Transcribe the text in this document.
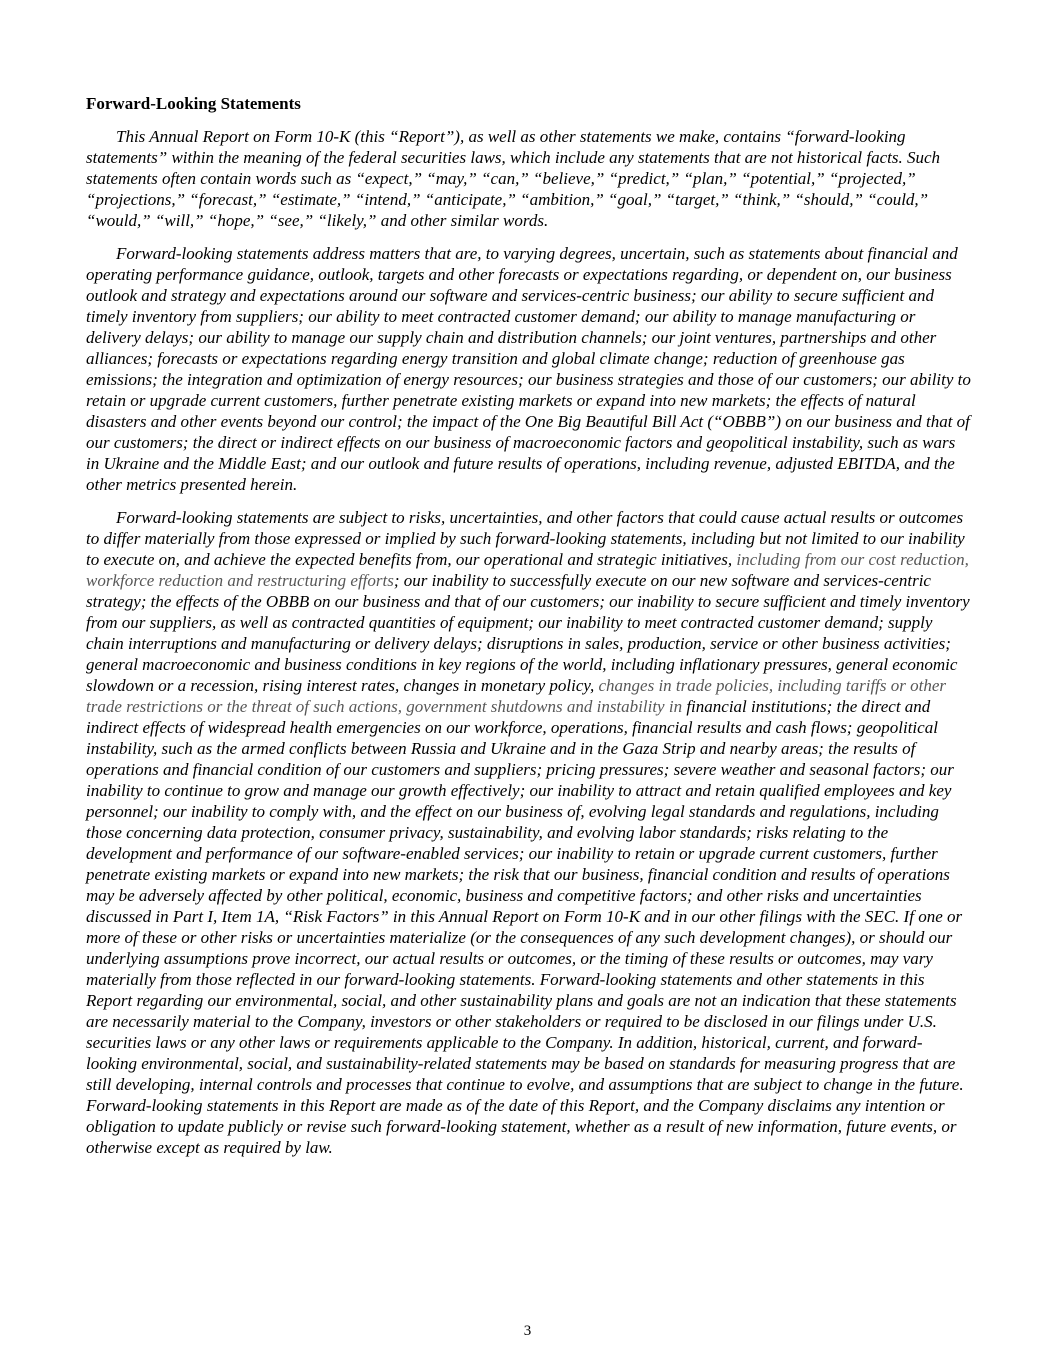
Forward-Looking Statements

This Annual Report on Form 10-K (this “Report”), as well as other statements we make, contains “forward-looking statements” within the meaning of the federal securities laws, which include any statements that are not historical facts. Such statements often contain words such as “expect,” “may,” “can,” “believe,” “predict,” “plan,” “potential,” “projected,” “projections,” “forecast,” “estimate,” “intend,” “anticipate,” “ambition,” “goal,” “target,” “think,” “should,” “could,” “would,” “will,” “hope,” “see,” “likely,” and other similar words.

Forward-looking statements address matters that are, to varying degrees, uncertain, such as statements about financial and operating performance guidance, outlook, targets and other forecasts or expectations regarding, or dependent on, our business outlook and strategy and expectations around our software and services-centric business; our ability to secure sufficient and timely inventory from suppliers; our ability to meet contracted customer demand; our ability to manage manufacturing or delivery delays; our ability to manage our supply chain and distribution channels; our joint ventures, partnerships and other alliances; forecasts or expectations regarding energy transition and global climate change; reduction of greenhouse gas emissions; the integration and optimization of energy resources; our business strategies and those of our customers; our ability to retain or upgrade current customers, further penetrate existing markets or expand into new markets; the effects of natural disasters and other events beyond our control; the impact of the One Big Beautiful Bill Act (“OBBB”) on our business and that of our customers; the direct or indirect effects on our business of macroeconomic factors and geopolitical instability, such as wars in Ukraine and the Middle East; and our outlook and future results of operations, including revenue, adjusted EBITDA, and the other metrics presented herein.

Forward-looking statements are subject to risks, uncertainties, and other factors that could cause actual results or outcomes to differ materially from those expressed or implied by such forward-looking statements, including but not limited to our inability to execute on, and achieve the expected benefits from, our operational and strategic initiatives, including from our cost reduction, workforce reduction and restructuring efforts; our inability to successfully execute on our new software and services-centric strategy; the effects of the OBBB on our business and that of our customers; our inability to secure sufficient and timely inventory from our suppliers, as well as contracted quantities of equipment; our inability to meet contracted customer demand; supply chain interruptions and manufacturing or delivery delays; disruptions in sales, production, service or other business activities; general macroeconomic and business conditions in key regions of the world, including inflationary pressures, general economic slowdown or a recession, rising interest rates, changes in monetary policy, changes in trade policies, including tariffs or other trade restrictions or the threat of such actions, government shutdowns and instability in financial institutions; the direct and indirect effects of widespread health emergencies on our workforce, operations, financial results and cash flows; geopolitical instability, such as the armed conflicts between Russia and Ukraine and in the Gaza Strip and nearby areas; the results of operations and financial condition of our customers and suppliers; pricing pressures; severe weather and seasonal factors; our inability to continue to grow and manage our growth effectively; our inability to attract and retain qualified employees and key personnel; our inability to comply with, and the effect on our business of, evolving legal standards and regulations, including those concerning data protection, consumer privacy, sustainability, and evolving labor standards; risks relating to the development and performance of our software-enabled services; our inability to retain or upgrade current customers, further penetrate existing markets or expand into new markets; the risk that our business, financial condition and results of operations may be adversely affected by other political, economic, business and competitive factors; and other risks and uncertainties discussed in Part I, Item 1A, “Risk Factors” in this Annual Report on Form 10-K and in our other filings with the SEC. If one or more of these or other risks or uncertainties materialize (or the consequences of any such development changes), or should our underlying assumptions prove incorrect, our actual results or outcomes, or the timing of these results or outcomes, may vary materially from those reflected in our forward-looking statements. Forward-looking statements and other statements in this Report regarding our environmental, social, and other sustainability plans and goals are not an indication that these statements are necessarily material to the Company, investors or other stakeholders or required to be disclosed in our filings under U.S. securities laws or any other laws or requirements applicable to the Company. In addition, historical, current, and forward-looking environmental, social, and sustainability-related statements may be based on standards for measuring progress that are still developing, internal controls and processes that continue to evolve, and assumptions that are subject to change in the future. Forward-looking statements in this Report are made as of the date of this Report, and the Company disclaims any intention or obligation to update publicly or revise such forward-looking statement, whether as a result of new information, future events, or otherwise except as required by law.

3
